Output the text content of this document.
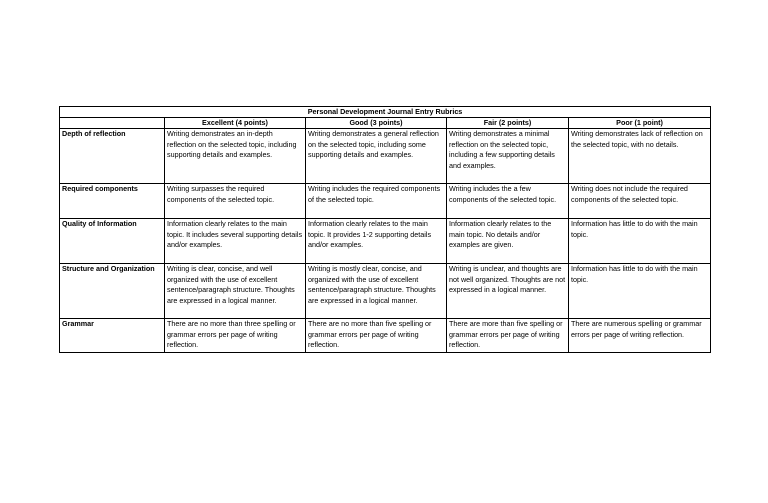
Personal Development Journal Entry Rubrics				
	Excellent (4 points)	Good (3 points)	Fair (2 points)	Poor (1 point)
Depth of reflection	Writing demonstrates an in-depth reflection on the selected topic, including supporting details and examples.	Writing demonstrates a general reflection on the selected topic, including some supporting details and examples.	Writing demonstrates a minimal reflection on the selected topic, including a few supporting details and examples.	Writing demonstrates lack of reflection on the selected topic, with no details.
Required components	Writing surpasses the required components of the selected topic.	Writing includes the required components of the selected topic.	Writing includes the a few components of the selected topic.	Writing does not include the required components of the selected topic.
Quality of Information	Information clearly relates to the main topic. It includes several supporting details and/or examples.	Information clearly relates to the main topic. It provides 1-2 supporting details and/or examples.	Information clearly relates to the main topic. No details and/or examples are given.	Information has little to do with the main topic.
Structure and Organization	Writing is clear, concise, and well organized with the use of excellent sentence/paragraph structure. Thoughts are expressed in a logical manner.	Writing is mostly clear, concise, and organized with the use of excellent sentence/paragraph structure. Thoughts are expressed in a logical manner.	Writing is unclear, and thoughts are not well organized. Thoughts are not expressed in a logical manner.	Information has little to do with the main topic.
Grammar	There are no more than three spelling or grammar errors per page of writing reflection.	There are no more than five spelling or grammar errors per page of writing reflection.	There are more than five spelling or grammar errors per page of writing reflection.	There are numerous spelling or grammar errors per page of writing reflection.
